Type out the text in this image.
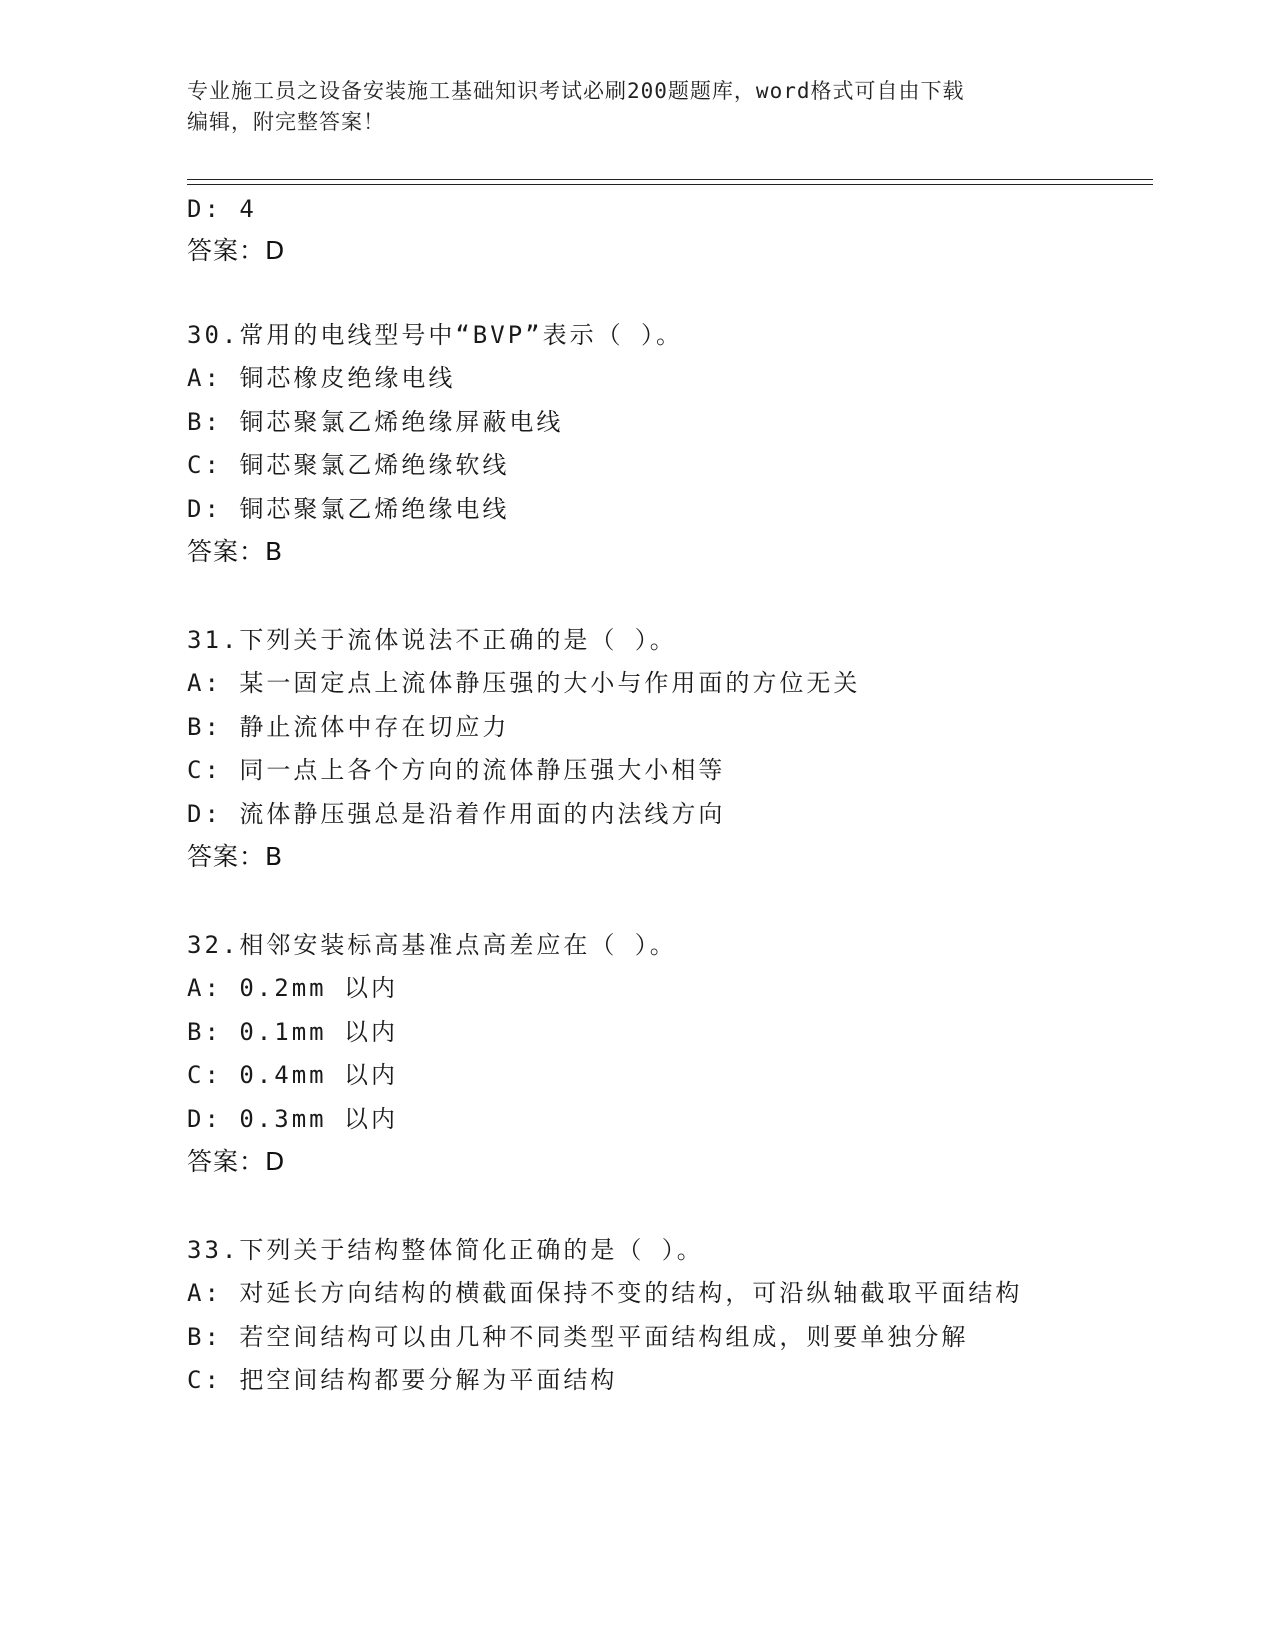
专业施工员之设备安装施工基础知识考试必刷200题题库，word格式可自由下载
编辑，附完整答案！
D: 4
答案：D
30.常用的电线型号中“BVP”表示（ ）。
A: 铜芯橡皮绝缘电线
B: 铜芯聚氯乙烯绝缘屏蔽电线
C: 铜芯聚氯乙烯绝缘软线
D: 铜芯聚氯乙烯绝缘电线
答案：B
31.下列关于流体说法不正确的是（ ）。
A: 某一固定点上流体静压强的大小与作用面的方位无关
B: 静止流体中存在切应力
C: 同一点上各个方向的流体静压强大小相等
D: 流体静压强总是沿着作用面的内法线方向
答案：B
32.相邻安装标高基准点高差应在（ ）。
A: 0.2mm 以内
B: 0.1mm 以内
C: 0.4mm 以内
D: 0.3mm 以内
答案：D
33.下列关于结构整体简化正确的是（ ）。
A: 对延长方向结构的横截面保持不变的结构，可沿纵轴截取平面结构
B: 若空间结构可以由几种不同类型平面结构组成，则要单独分解
C: 把空间结构都要分解为平面结构
